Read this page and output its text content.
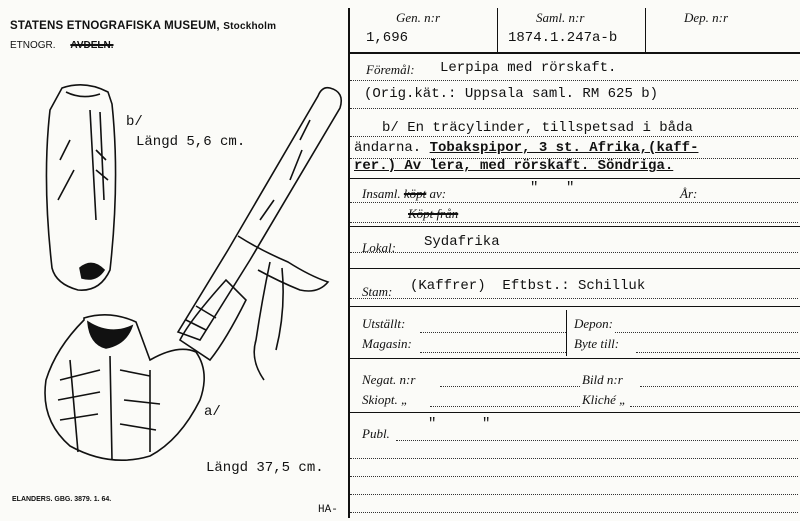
STATENS ETNOGRAFISKA MUSEUM, Stockholm
ETNOGR. AVDELN.
Gen. n:r
1,696
Saml. n:r
1874.1.247a-b
Dep. n:r
Föremål: Lerpipa med rörskaft.
(Orig.kät.: Uppsala saml. RM 625 b)
b/ En träcylinder, tillspetsad i båda
ändarna. Tobakspipor, 3 st. Afrika,(kaff-
rer.) Av lera, med rörskaft. Söndriga.
Insaml. köpt av:	" "	År:
Köpt från
Lokal: Sydafrika
Stam: (Kaffrer)  Eftbst.: Schilluk
Utställt:	Depon:
Magasin:	Byte till:
Negat. n:r	Bild n:r
Skiopt. „	Kliché „
Publ.
"	"
b/
Längd 5,6 cm.
a/
Längd 37,5 cm.
ELANDERS. GBG. 3879. 1. 64.
HA-
